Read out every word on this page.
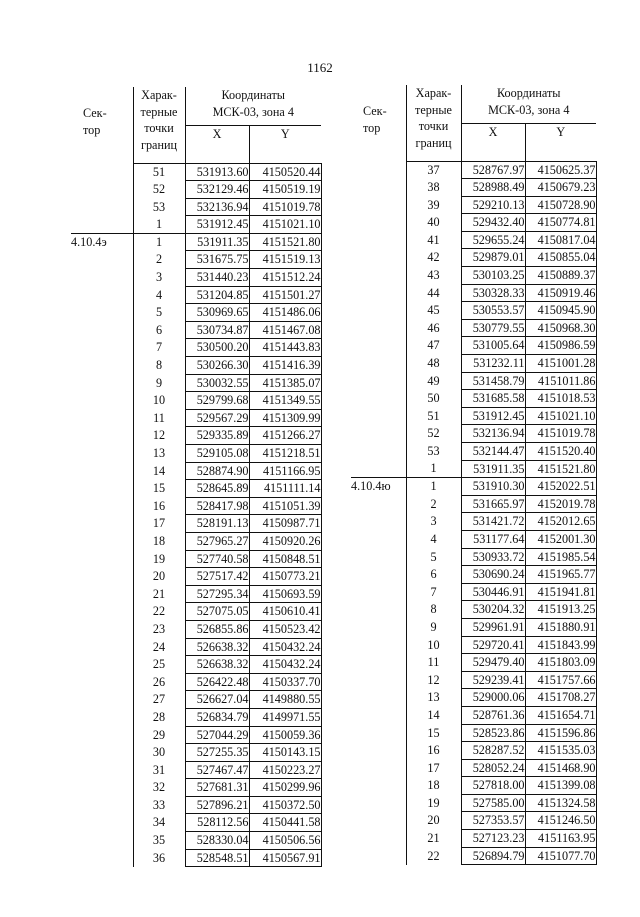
1162
Сек-
тор	Харак-
терные
точки
границ	Координаты
МСК-03, зона 4	

		X	Y
	51	531913.60	4150520.44
	52	532129.46	4150519.19
	53	532136.94	4151019.78
	1	531912.45	4151021.10
4.10.4э	1	531911.35	4151521.80
	2	531675.75	4151519.13
	3	531440.23	4151512.24
	4	531204.85	4151501.27
	5	530969.65	4151486.06
	6	530734.87	4151467.08
	7	530500.20	4151443.83
	8	530266.30	4151416.39
	9	530032.55	4151385.07
	10	529799.68	4151349.55
	11	529567.29	4151309.99
	12	529335.89	4151266.27
	13	529105.08	4151218.51
	14	528874.90	4151166.95
	15	528645.89	4151111.14
	16	528417.98	4151051.39
	17	528191.13	4150987.71
	18	527965.27	4150920.26
	19	527740.58	4150848.51
	20	527517.42	4150773.21
	21	527295.34	4150693.59
	22	527075.05	4150610.41
	23	526855.86	4150523.42
	24	526638.32	4150432.24
	25	526638.32	4150432.24
	26	526422.48	4150337.70
	27	526627.04	4149880.55
	28	526834.79	4149971.55
	29	527044.29	4150059.36
	30	527255.35	4150143.15
	31	527467.47	4150223.27
	32	527681.31	4150299.96
	33	527896.21	4150372.50
	34	528112.56	4150441.58
	35	528330.04	4150506.56
	36	528548.51	4150567.91
Сек-
тор	Харак-
терные
точки
границ	Координаты
МСК-03, зона 4	

		X	Y
	37	528767.97	4150625.37
	38	528988.49	4150679.23
	39	529210.13	4150728.90
	40	529432.40	4150774.81
	41	529655.24	4150817.04
	42	529879.01	4150855.04
	43	530103.25	4150889.37
	44	530328.33	4150919.46
	45	530553.57	4150945.90
	46	530779.55	4150968.30
	47	531005.64	4150986.59
	48	531232.11	4151001.28
	49	531458.79	4151011.86
	50	531685.58	4151018.53
	51	531912.45	4151021.10
	52	532136.94	4151019.78
	53	532144.47	4151520.40
	1	531911.35	4151521.80
4.10.4ю	1	531910.30	4152022.51
	2	531665.97	4152019.78
	3	531421.72	4152012.65
	4	531177.64	4152001.30
	5	530933.72	4151985.54
	6	530690.24	4151965.77
	7	530446.91	4151941.81
	8	530204.32	4151913.25
	9	529961.91	4151880.91
	10	529720.41	4151843.99
	11	529479.40	4151803.09
	12	529239.41	4151757.66
	13	529000.06	4151708.27
	14	528761.36	4151654.71
	15	528523.86	4151596.86
	16	528287.52	4151535.03
	17	528052.24	4151468.90
	18	527818.00	4151399.08
	19	527585.00	4151324.58
	20	527353.57	4151246.50
	21	527123.23	4151163.95
	22	526894.79	4151077.70
